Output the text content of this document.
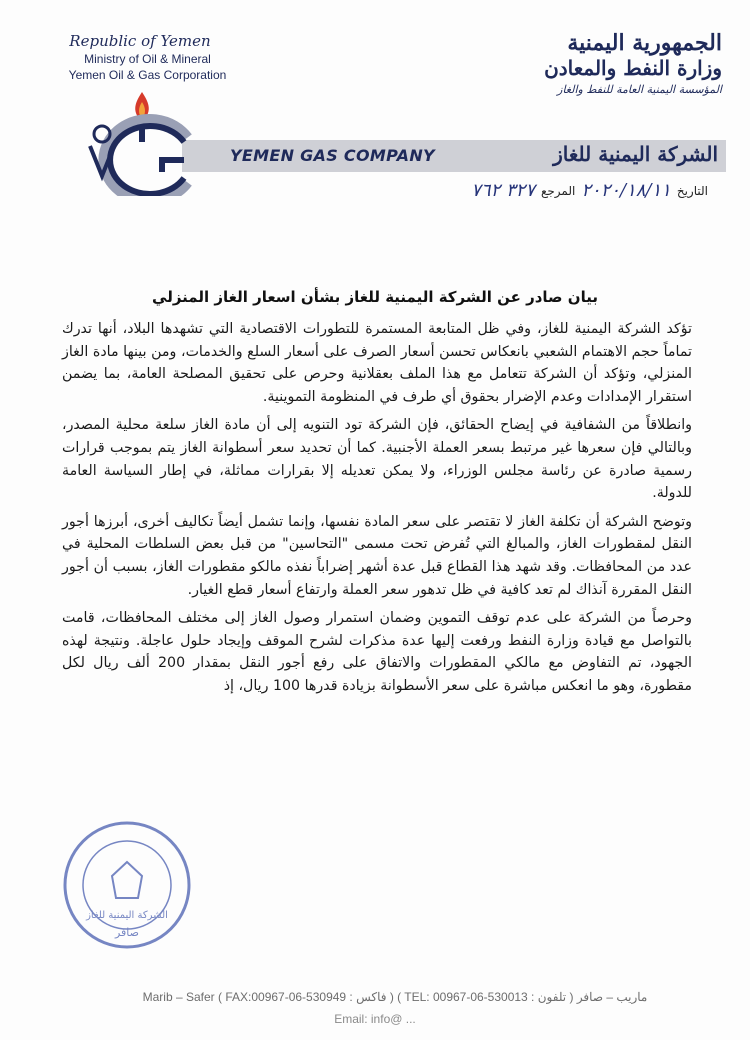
Republic of Yemen
Ministry of Oil & Mineral
Yemen Oil & Gas Corporation
الجمهورية اليمنية
وزارة النفط والمعادن
المؤسسة اليمنية العامة للنفط والغاز
YEMEN GAS COMPANY	الشركة اليمنية للغاز
التاريخ
٢٠٢٠/١٨/١١
المرجع
٣٢٧ ٧٦٢
بيان صادر عن الشركة اليمنية للغاز بشأن اسعار الغاز المنزلي

تؤكد الشركة اليمنية للغاز، وفي ظل المتابعة المستمرة للتطورات الاقتصادية التي تشهدها البلاد، أنها تدرك تماماً حجم الاهتمام الشعبي بانعكاس تحسن أسعار الصرف على أسعار السلع والخدمات، ومن بينها مادة الغاز المنزلي، وتؤكد أن الشركة تتعامل مع هذا الملف بعقلانية وحرص على تحقيق المصلحة العامة، بما يضمن استقرار الإمدادات وعدم الإضرار بحقوق أي طرف في المنظومة التموينية.

وانطلاقاً من الشفافية في إيضاح الحقائق، فإن الشركة تود التنويه إلى أن مادة الغاز سلعة محلية المصدر، وبالتالي فإن سعرها غير مرتبط بسعر العملة الأجنبية. كما أن تحديد سعر أسطوانة الغاز يتم بموجب قرارات رسمية صادرة عن رئاسة مجلس الوزراء، ولا يمكن تعديله إلا بقرارات مماثلة، في إطار السياسة العامة للدولة.

وتوضح الشركة أن تكلفة الغاز لا تقتصر على سعر المادة نفسها، وإنما تشمل أيضاً تكاليف أخرى، أبرزها أجور النقل لمقطورات الغاز، والمبالغ التي تُفرض تحت مسمى "التحاسين" من قبل بعض السلطات المحلية في عدد من المحافظات. وقد شهد هذا القطاع قبل عدة أشهر إضراباً نفذه مالكو مقطورات الغاز، بسبب أن أجور النقل المقررة آنذاك لم تعد كافية في ظل تدهور سعر العملة وارتفاع أسعار قطع الغيار.

وحرصاً من الشركة على عدم توقف التموين وضمان استمرار وصول الغاز إلى مختلف المحافظات، قامت بالتواصل مع قيادة وزارة النفط ورفعت إليها عدة مذكرات لشرح الموقف وإيجاد حلول عاجلة. ونتيجة لهذه الجهود، تم التفاوض مع مالكي المقطورات والاتفاق على رفع أجور النقل بمقدار 200 ألف ريال لكل مقطورة، وهو ما انعكس مباشرة على سعر الأسطوانة بزيادة قدرها 100 ريال، إذ

الشركة اليمنية للغاز
صافر
Marib – Safer ( FAX:00967-06-530949 : فاكس ) ( TEL: 00967-06-530013 : تلفون ) ماريب – صافر
Email: info@ ...
